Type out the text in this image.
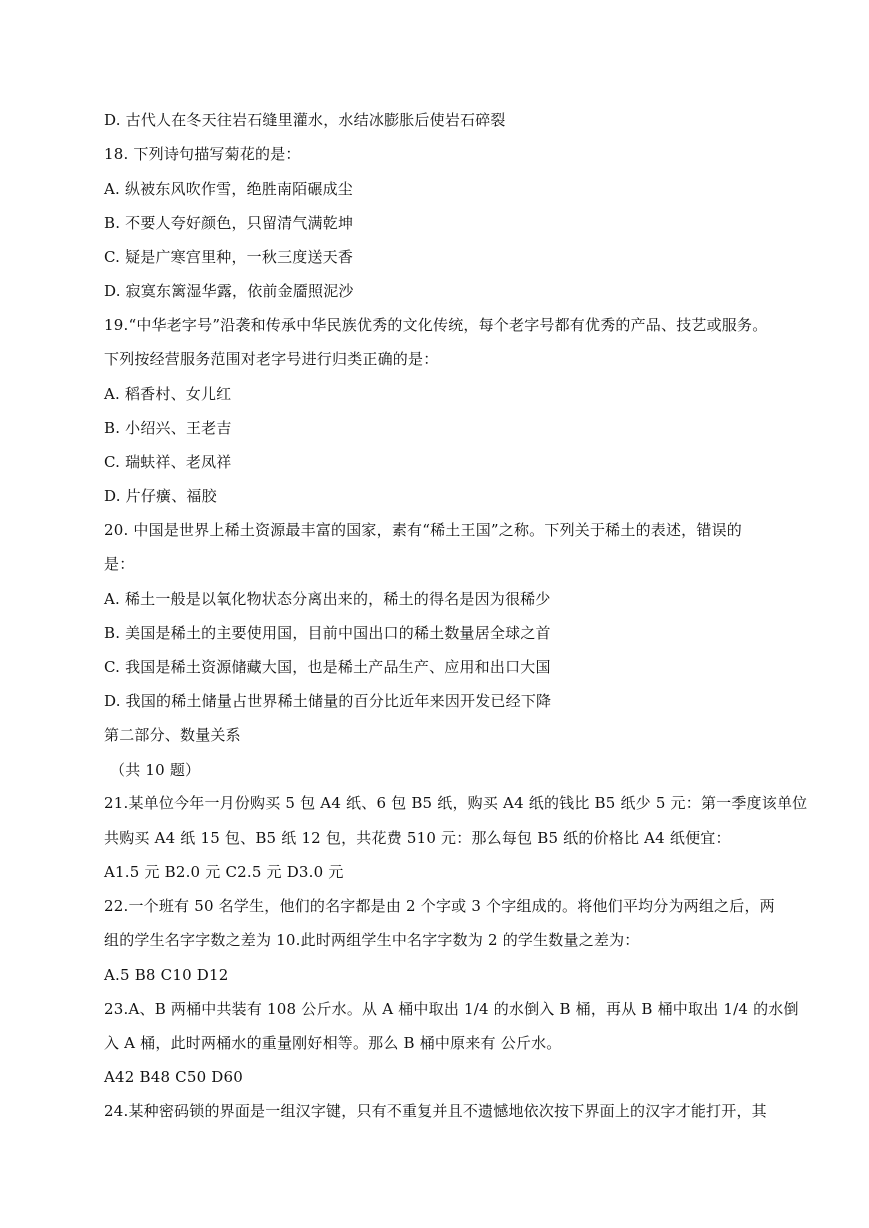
D. 古代人在冬天往岩石缝里灌水，水结冰膨胀后使岩石碎裂
18. 下列诗句描写菊花的是：
A. 纵被东风吹作雪，绝胜南陌碾成尘
B. 不要人夸好颜色，只留清气满乾坤
C. 疑是广寒宫里种，一秋三度送天香
D. 寂寞东篱湿华露，依前金靥照泥沙
19.“中华老字号”沿袭和传承中华民族优秀的文化传统，每个老字号都有优秀的产品、技艺或服务。
下列按经营服务范围对老字号进行归类正确的是：
A. 稻香村、女儿红
B. 小绍兴、王老吉
C. 瑞蚨祥、老凤祥
D. 片仔癀、福胶
20. 中国是世界上稀土资源最丰富的国家，素有“稀土王国”之称。下列关于稀土的表述，错误的
是：
A. 稀土一般是以氧化物状态分离出来的，稀土的得名是因为很稀少
B. 美国是稀土的主要使用国，目前中国出口的稀土数量居全球之首
C. 我国是稀土资源储藏大国，也是稀土产品生产、应用和出口大国
D. 我国的稀土储量占世界稀土储量的百分比近年来因开发已经下降
第二部分、数量关系
（共 10 题）
21.某单位今年一月份购买 5 包 A4 纸、6 包 B5 纸，购买 A4 纸的钱比 B5 纸少 5 元：第一季度该单位
共购买 A4 纸 15 包、B5 纸 12 包，共花费 510 元：那么每包 B5 纸的价格比 A4 纸便宜：
A1.5 元 B2.0 元 C2.5 元 D3.0 元
22.一个班有 50 名学生，他们的名字都是由 2 个字或 3 个字组成的。将他们平均分为两组之后，两
组的学生名字字数之差为 10.此时两组学生中名字字数为 2 的学生数量之差为：
A.5 B8 C10 D12
23.A、B 两桶中共装有 108 公斤水。从 A 桶中取出 1/4 的水倒入 B 桶，再从 B 桶中取出 1/4 的水倒
入 A 桶，此时两桶水的重量刚好相等。那么 B 桶中原来有 公斤水。
A42 B48 C50 D60
24.某种密码锁的界面是一组汉字键，只有不重复并且不遗憾地依次按下界面上的汉字才能打开，其
